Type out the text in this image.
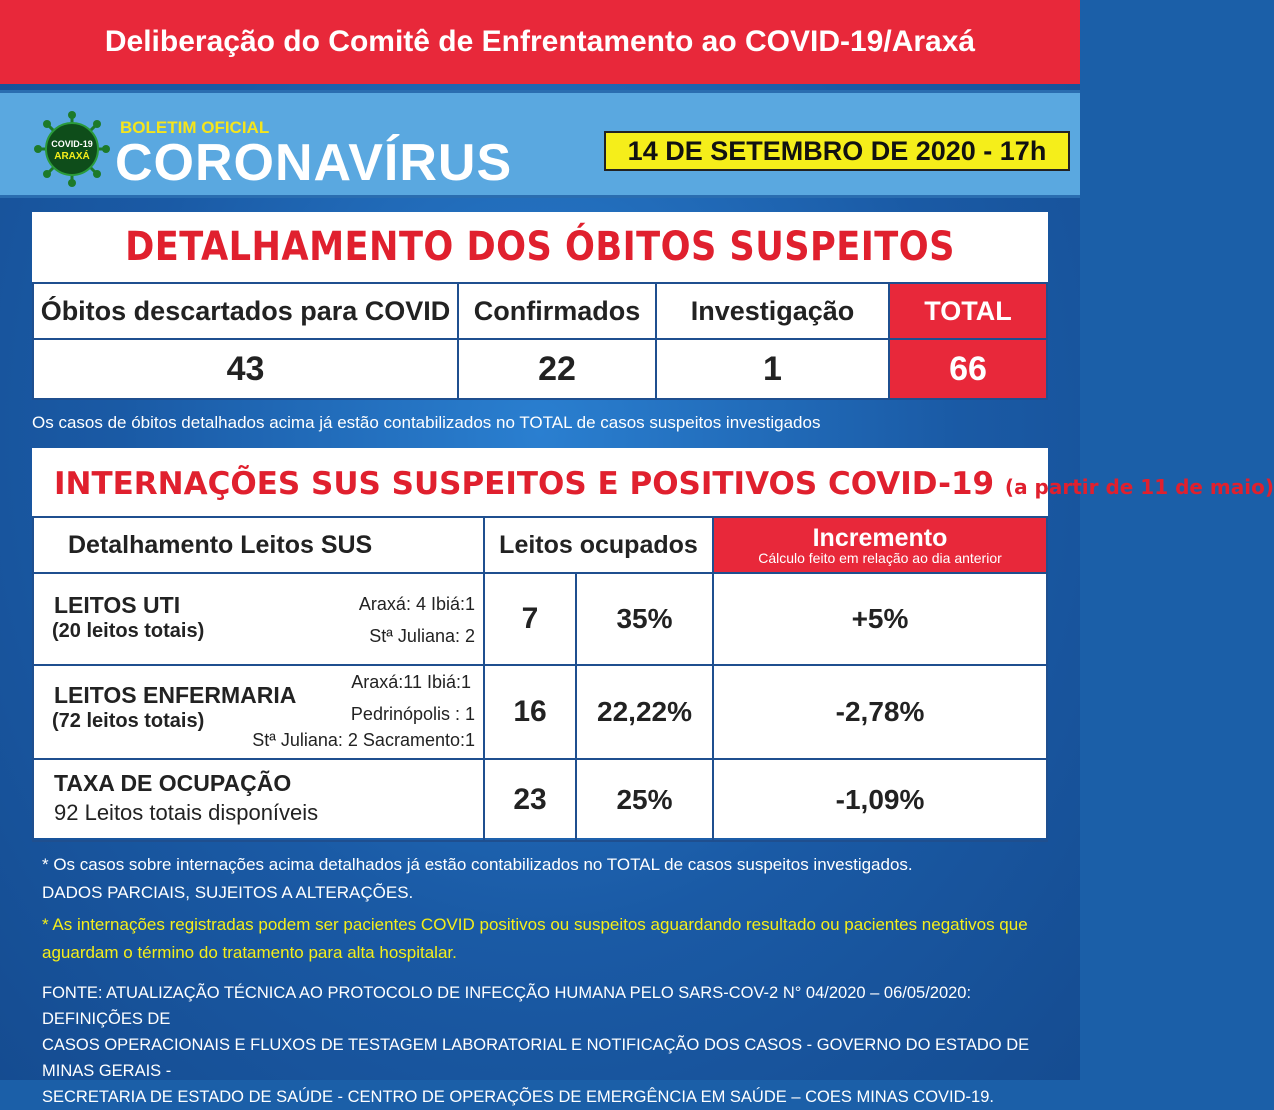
Deliberação do Comitê de Enfrentamento ao COVID-19/Araxá
COVID-19
ARAXÁ
BOLETIM OFICIAL
CORONAVÍRUS	14 DE SETEMBRO DE 2020 - 17h
DETALHAMENTO DOS ÓBITOS SUSPEITOS
Óbitos descartados para COVID	Confirmados	Investigação	TOTAL
43	22	1	66
Os casos de óbitos detalhados acima já estão contabilizados no TOTAL de casos suspeitos investigados
INTERNAÇÕES SUS SUSPEITOS E POSITIVOS COVID-19 (a partir de 11 de maio)
Detalhamento Leitos SUS	Leitos ocupados		Incremento
Cálculo feito em relação ao dia anterior

LEITOS UTI
(20 leitos totais)
Araxá: 4 Ibiá:1
Stª Juliana: 2	7	35%	+5%

LEITOS ENFERMARIA
(72 leitos totais)
Araxá:11 Ibiá:1
Pedrinópolis : 1
Stª Juliana: 2 Sacramento:1	16	22,22%	-2,78%

TAXA DE OCUPAÇÃO
92 Leitos totais disponíveis	23	25%	-1,09%
* Os casos sobre internações acima detalhados já estão contabilizados no TOTAL de casos suspeitos investigados.
DADOS PARCIAIS, SUJEITOS A ALTERAÇÕES.
* As internações registradas podem ser pacientes COVID positivos ou suspeitos aguardando resultado ou pacientes negativos que
aguardam o término do tratamento para alta hospitalar.
FONTE: ATUALIZAÇÃO TÉCNICA AO PROTOCOLO DE INFECÇÃO HUMANA PELO SARS-COV-2 N° 04/2020 – 06/05/2020: DEFINIÇÕES DE
CASOS OPERACIONAIS E FLUXOS DE TESTAGEM LABORATORIAL E NOTIFICAÇÃO DOS CASOS - GOVERNO DO ESTADO DE MINAS GERAIS -
SECRETARIA DE ESTADO DE SAÚDE - CENTRO DE OPERAÇÕES DE EMERGÊNCIA EM SAÚDE – COES MINAS COVID-19.
